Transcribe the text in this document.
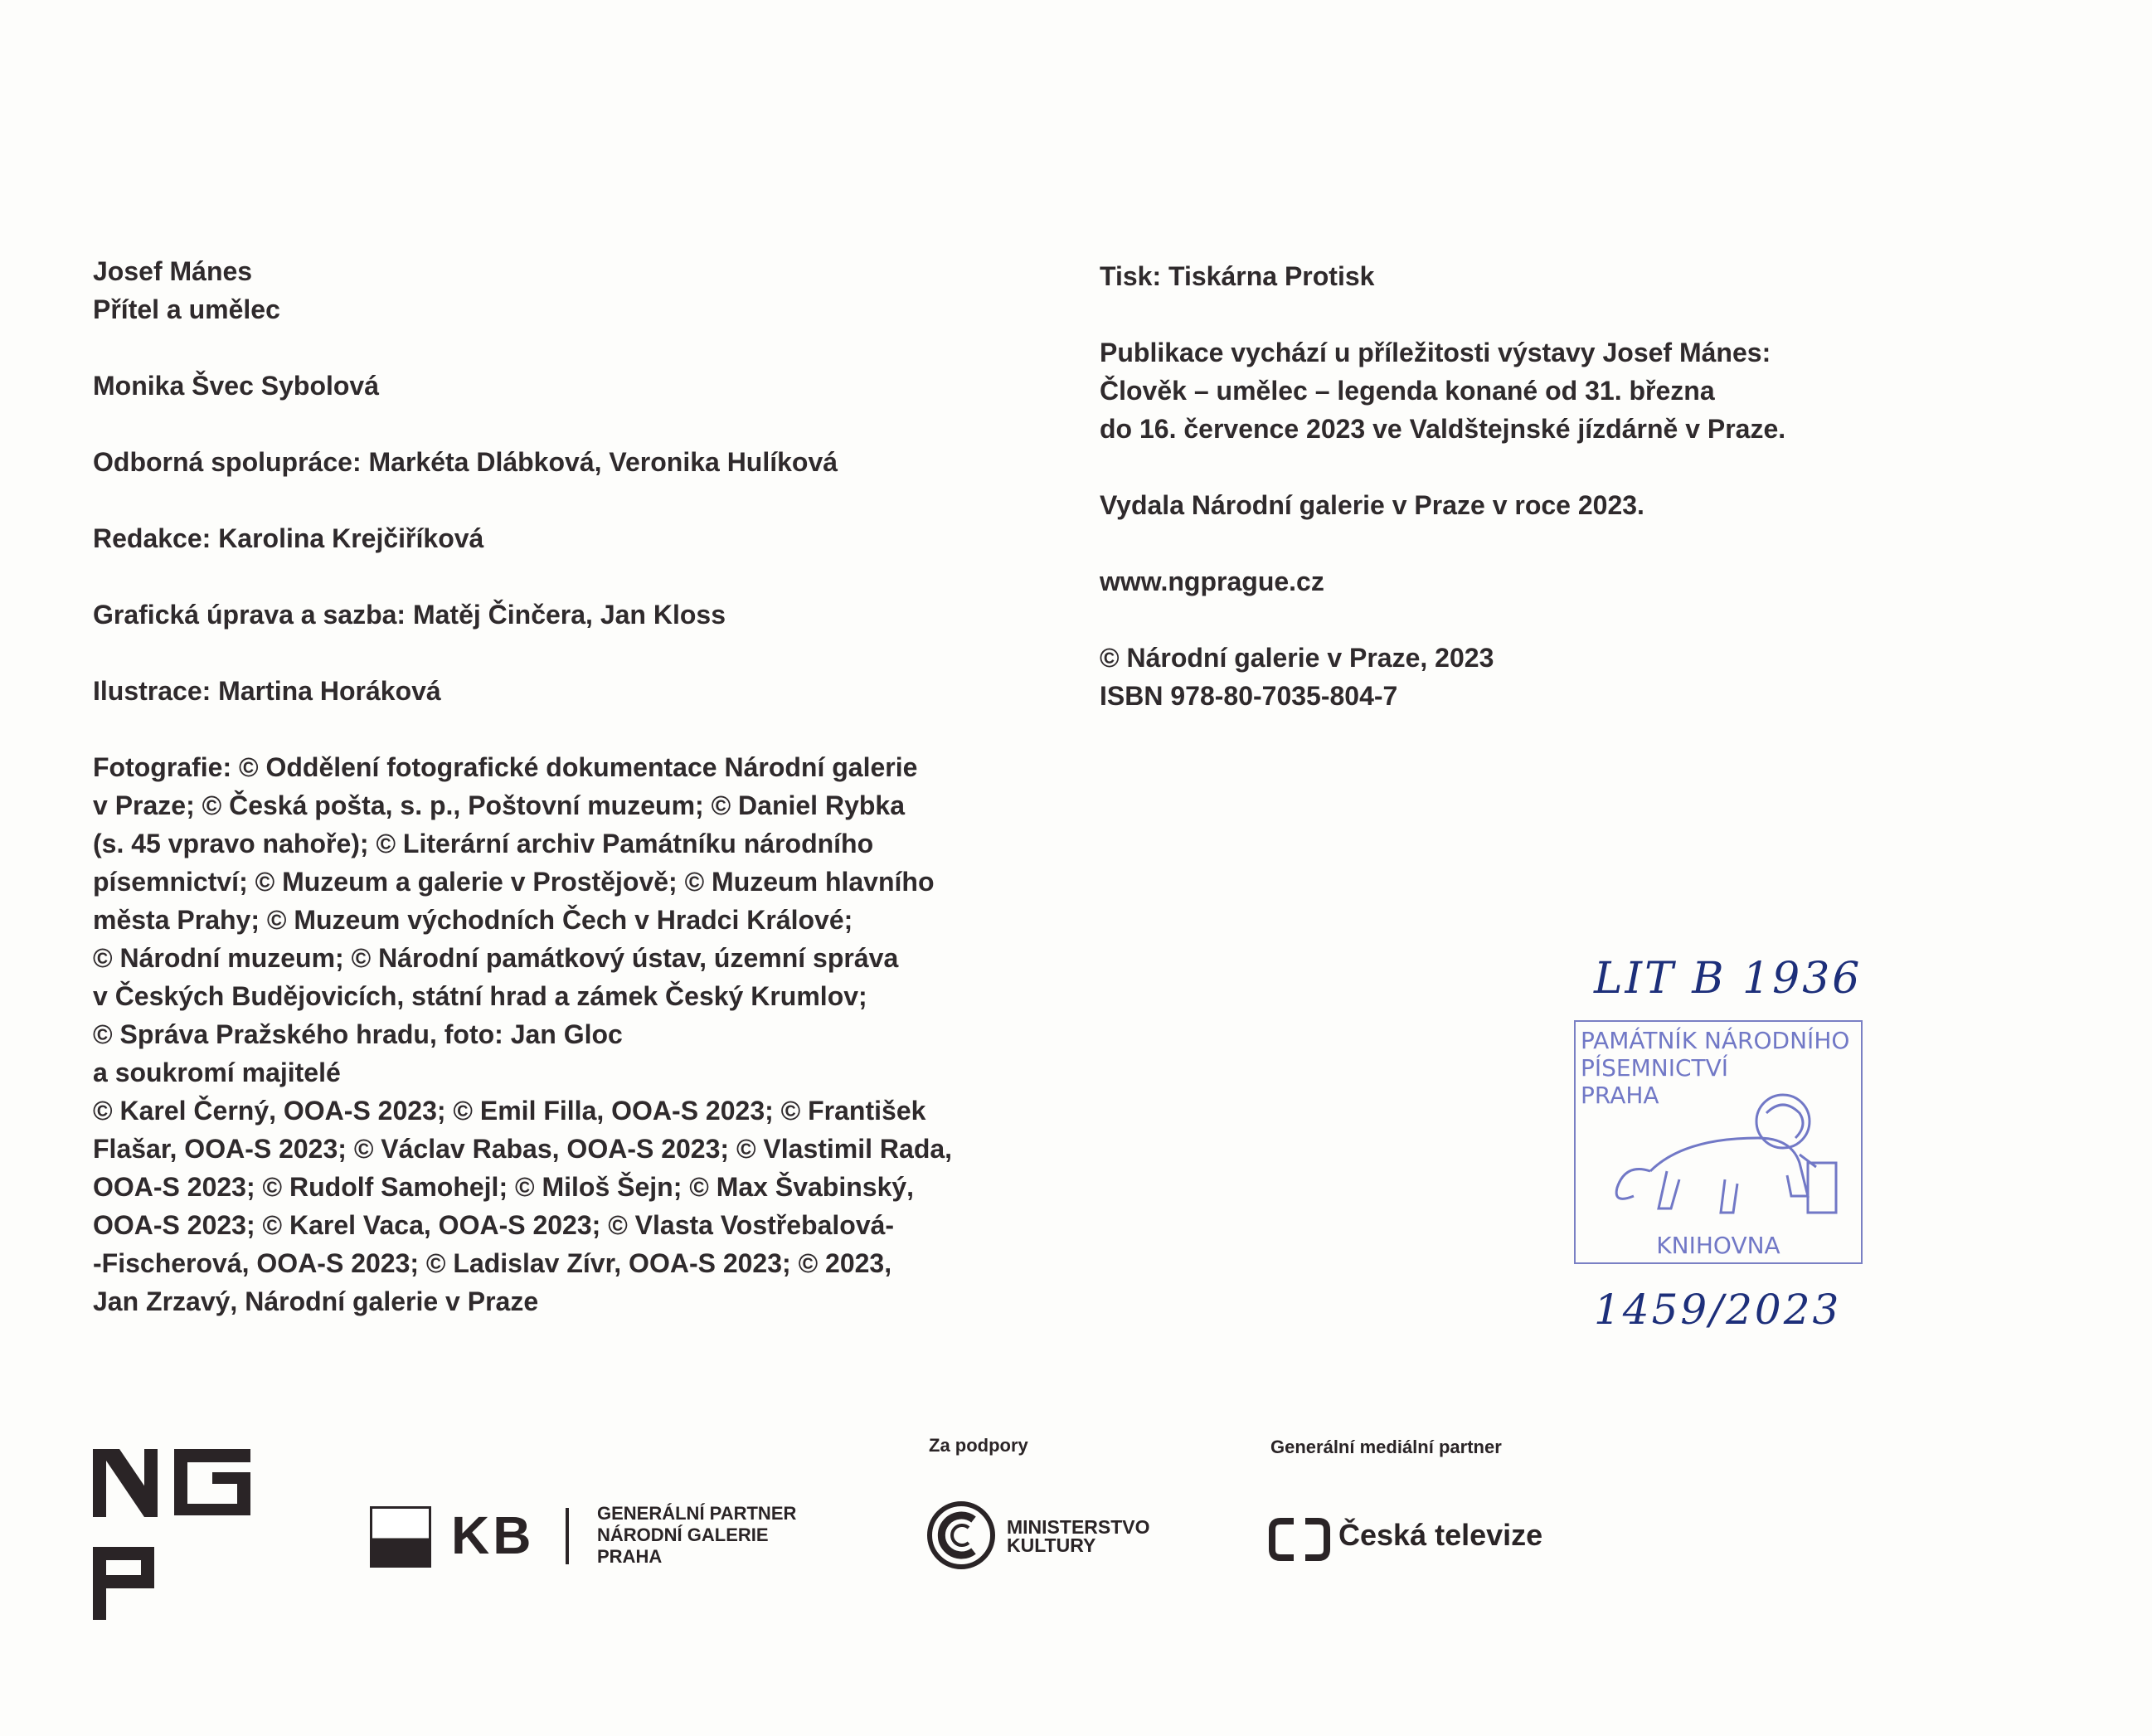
Josef Mánes

Přítel a umělec

Monika Švec Sybolová

Odborná spolupráce: Markéta Dlábková, Veronika Hulíková

Redakce: Karolina Krejčiříková

Grafická úprava a sazba: Matěj Činčera, Jan Kloss

Ilustrace: Martina Horáková

Fotografie: © Oddělení fotografické dokumentace Národní galerie

v Praze; © Česká pošta, s. p., Poštovní muzeum; © Daniel Rybka

(s. 45 vpravo nahoře); © Literární archiv Památníku národního

písemnictví; © Muzeum a galerie v Prostějově; © Muzeum hlavního

města Prahy; © Muzeum východních Čech v Hradci Králové;

© Národní muzeum; © Národní památkový ústav, územní správa

v Českých Budějovicích, státní hrad a zámek Český Krumlov;

© Správa Pražského hradu, foto: Jan Gloc

a soukromí majitelé

© Karel Černý, OOA-S 2023; © Emil Filla, OOA-S 2023; © František

Flašar, OOA-S 2023; © Václav Rabas, OOA-S 2023; © Vlastimil Rada,

OOA-S 2023; © Rudolf Samohejl; © Miloš Šejn; © Max Švabinský,

OOA-S 2023; © Karel Vaca, OOA-S 2023; © Vlasta Vostřebalová-

-Fischerová, OOA-S 2023; © Ladislav Zívr, OOA-S 2023; © 2023,

Jan Zrzavý, Národní galerie v Praze

Tisk: Tiskárna Protisk

Publikace vychází u příležitosti výstavy Josef Mánes:

Člověk – umělec – legenda konané od 31. března

do 16. července 2023 ve Valdštejnské jízdárně v Praze.

Vydala Národní galerie v Praze v roce 2023.

www.ngprague.cz

© Národní galerie v Praze, 2023

ISBN 978-80-7035-804-7

LIT B 1936
PAMÁTNÍK NÁRODNÍHO
PÍSEMNICTVÍ
PRAHA
KNIHOVNA
1459/2023
KB	GENERÁLNÍ PARTNER
NÁRODNÍ GALERIE
PRAHA
Za podpory
MINISTERSTVO
KULTURY
Generální mediální partner
Česká televize
